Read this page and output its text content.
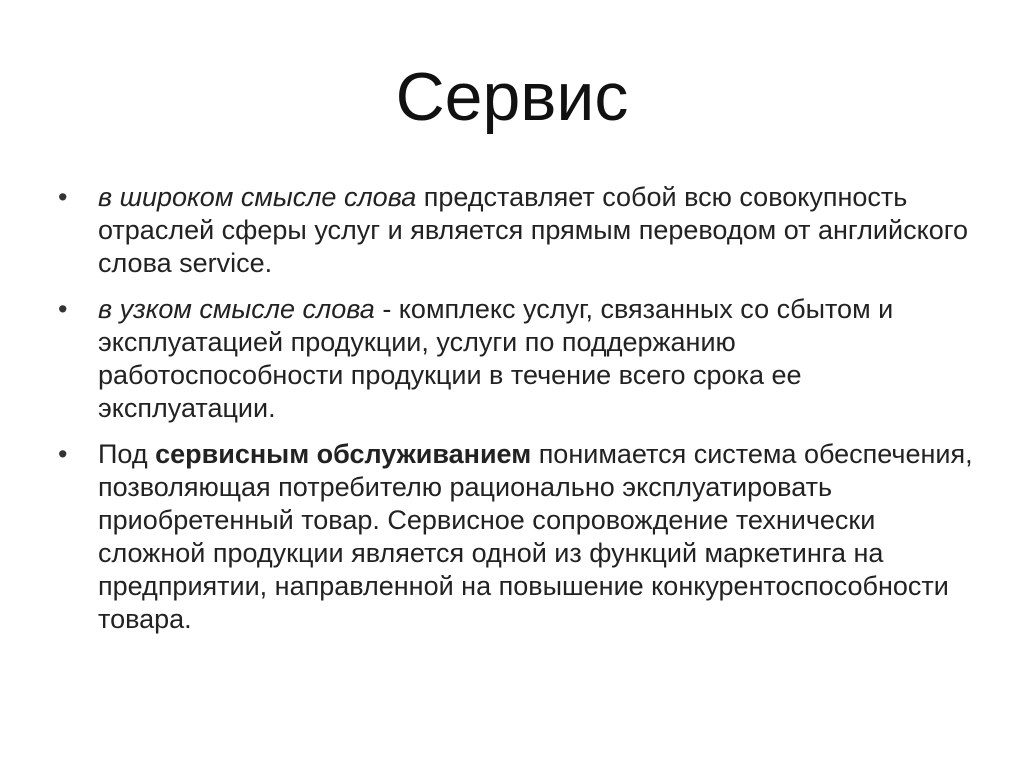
Сервис
• в широком смысле слова представляет собой всю совокупность отраслей сферы услуг и является прямым переводом от английского слова service.
• в узком смысле слова - комплекс услуг, связанных со сбытом и эксплуатацией продукции, услуги по поддержанию работоспособности продукции в течение всего срока ее эксплуатации.
• Под сервисным обслуживанием понимается система обеспечения, позволяющая потребителю рационально эксплуатировать приобретенный товар. Сервисное сопровождение технически сложной продукции является одной из функций маркетинга на предприятии, направленной на повышение конкурентоспособности товара.
